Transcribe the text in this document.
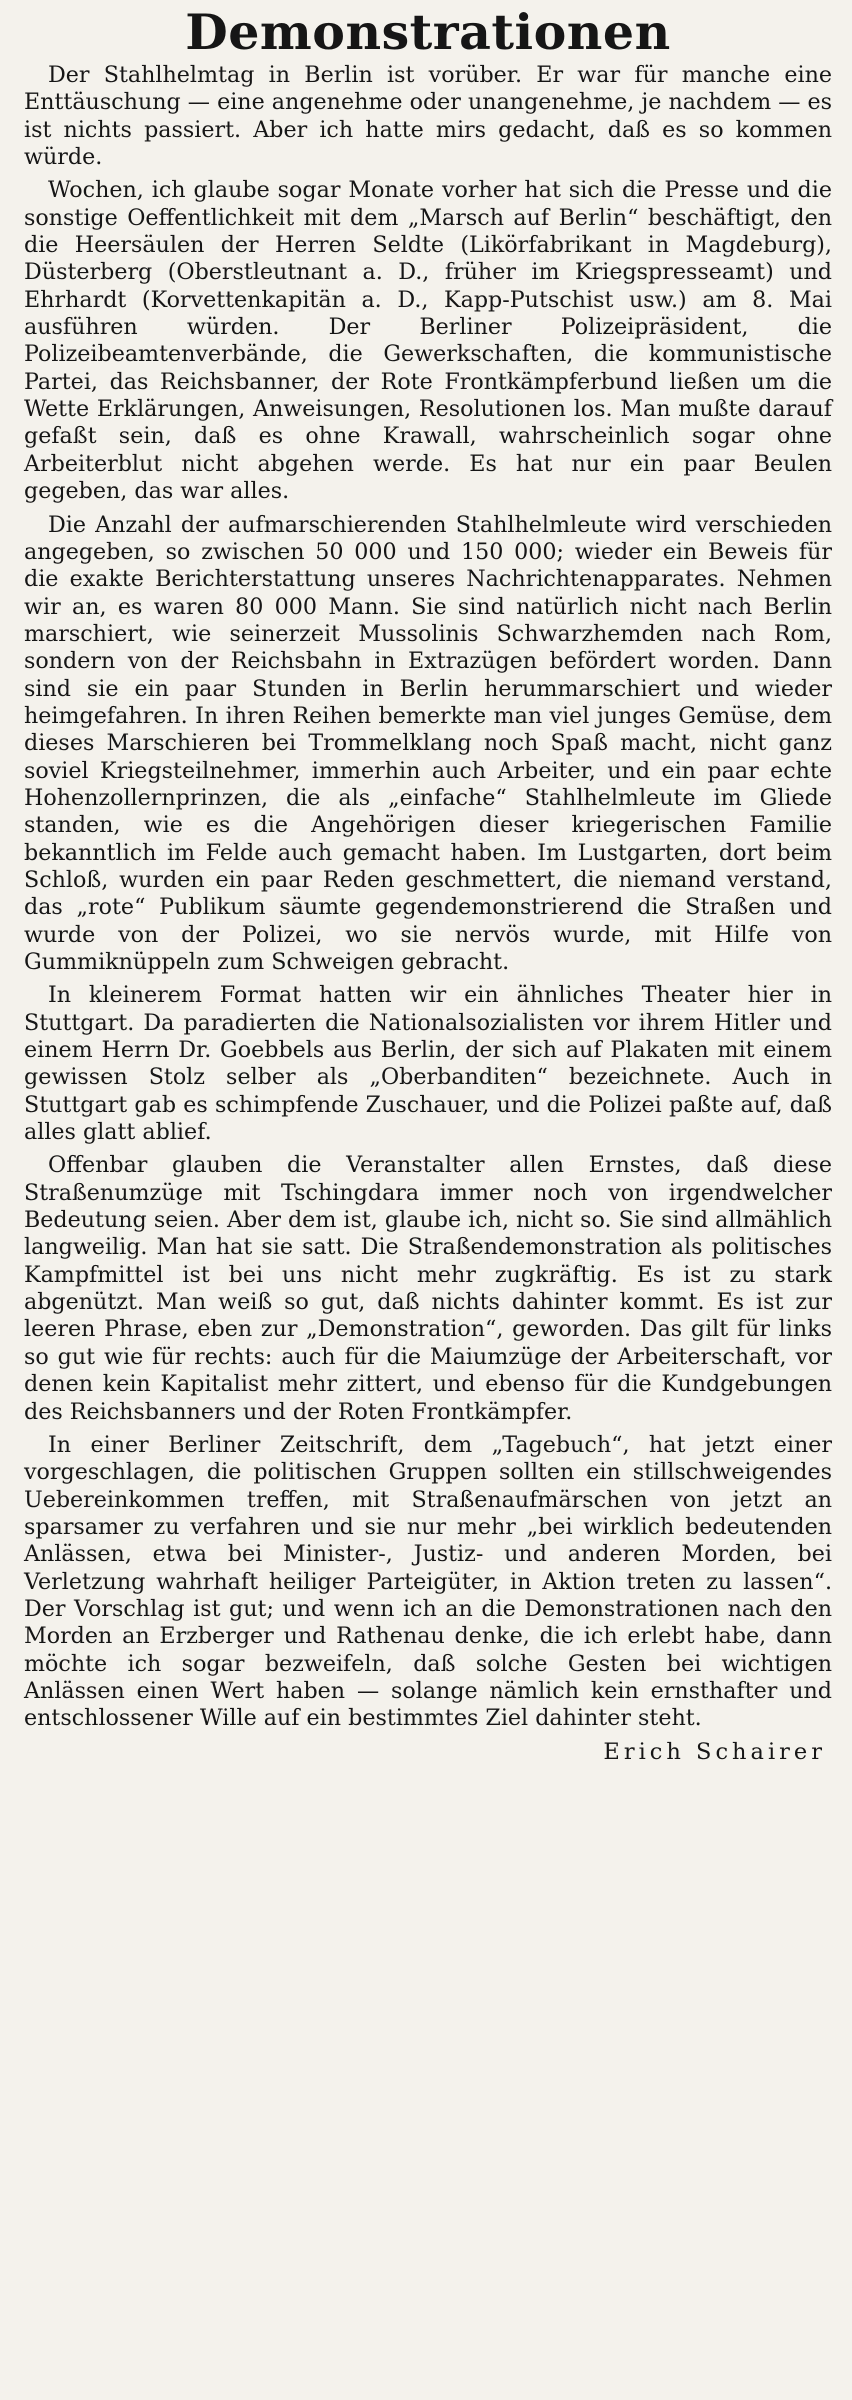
Demonstrationen

Der Stahlhelmtag in Berlin ist vorüber. Er war für manche eine Enttäuschung — eine angenehme oder unangenehme, je nachdem — es ist nichts passiert. Aber ich hatte mirs gedacht, daß es so kommen würde.

Wochen, ich glaube sogar Monate vorher hat sich die Presse und die sonstige Oeffentlichkeit mit dem „Marsch auf Berlin“ beschäftigt, den die Heersäulen der Herren Seldte (Likörfabrikant in Magdeburg), Düsterberg (Oberstleutnant a. D., früher im Kriegspresseamt) und Ehrhardt (Korvettenkapitän a. D., Kapp-Putschist usw.) am 8. Mai ausführen würden. Der Berliner Polizeipräsident, die Polizeibeamtenverbände, die Gewerkschaften, die kommunistische Partei, das Reichsbanner, der Rote Frontkämpferbund ließen um die Wette Erklärungen, Anweisungen, Resolutionen los. Man mußte darauf gefaßt sein, daß es ohne Krawall, wahrscheinlich sogar ohne Arbeiterblut nicht abgehen werde. Es hat nur ein paar Beulen gegeben, das war alles.

Die Anzahl der aufmarschierenden Stahlhelmleute wird verschieden angegeben, so zwischen 50 000 und 150 000; wieder ein Beweis für die exakte Berichterstattung unseres Nachrichtenapparates. Nehmen wir an, es waren 80 000 Mann. Sie sind natürlich nicht nach Berlin marschiert, wie seinerzeit Mussolinis Schwarzhemden nach Rom, sondern von der Reichsbahn in Extrazügen befördert worden. Dann sind sie ein paar Stunden in Berlin herummarschiert und wieder heimgefahren. In ihren Reihen bemerkte man viel junges Gemüse, dem dieses Marschieren bei Trommelklang noch Spaß macht, nicht ganz soviel Kriegsteilnehmer, immerhin auch Arbeiter, und ein paar echte Hohenzollernprinzen, die als „einfache“ Stahlhelmleute im Gliede standen, wie es die Angehörigen dieser kriegerischen Familie bekanntlich im Felde auch gemacht haben. Im Lustgarten, dort beim Schloß, wurden ein paar Reden geschmettert, die niemand verstand, das „rote“ Publikum säumte gegendemonstrierend die Straßen und wurde von der Polizei, wo sie nervös wurde, mit Hilfe von Gummiknüppeln zum Schweigen gebracht.

In kleinerem Format hatten wir ein ähnliches Theater hier in Stuttgart. Da paradierten die Nationalsozialisten vor ihrem Hitler und einem Herrn Dr. Goebbels aus Berlin, der sich auf Plakaten mit einem gewissen Stolz selber als „Oberbanditen“ bezeichnete. Auch in Stuttgart gab es schimpfende Zuschauer, und die Polizei paßte auf, daß alles glatt ablief.

Offenbar glauben die Veranstalter allen Ernstes, daß diese Straßenumzüge mit Tschingdara immer noch von irgendwelcher Bedeutung seien. Aber dem ist, glaube ich, nicht so. Sie sind allmählich langweilig. Man hat sie satt. Die Straßendemonstration als politisches Kampfmittel ist bei uns nicht mehr zugkräftig. Es ist zu stark abgenützt. Man weiß so gut, daß nichts dahinter kommt. Es ist zur leeren Phrase, eben zur „Demonstration“, geworden. Das gilt für links so gut wie für rechts: auch für die Maiumzüge der Arbeiterschaft, vor denen kein Kapitalist mehr zittert, und ebenso für die Kundgebungen des Reichsbanners und der Roten Frontkämpfer.

In einer Berliner Zeitschrift, dem „Tagebuch“, hat jetzt einer vorgeschlagen, die politischen Gruppen sollten ein stillschweigendes Uebereinkommen treffen, mit Straßenaufmärschen von jetzt an sparsamer zu verfahren und sie nur mehr „bei wirklich bedeutenden Anlässen, etwa bei Minister-, Justiz- und anderen Morden, bei Verletzung wahrhaft heiliger Parteigüter, in Aktion treten zu lassen“. Der Vorschlag ist gut; und wenn ich an die Demonstrationen nach den Morden an Erzberger und Rathenau denke, die ich erlebt habe, dann möchte ich sogar bezweifeln, daß solche Gesten bei wichtigen Anlässen einen Wert haben — solange nämlich kein ernsthafter und entschlossener Wille auf ein bestimmtes Ziel dahinter steht.

Erich Schairer
